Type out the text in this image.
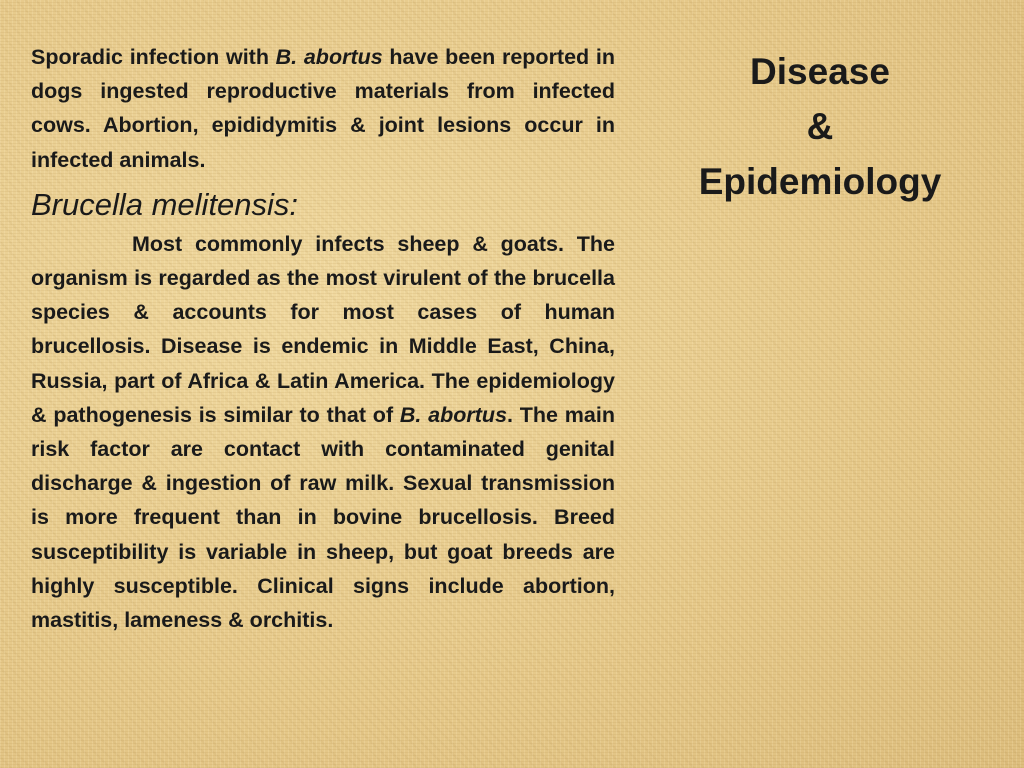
Sporadic infection with B. abortus have been reported in dogs ingested reproductive materials from infected cows. Abortion, epididymitis & joint lesions occur in infected animals.

Brucella melitensis:

Most commonly infects sheep & goats. The organism is regarded as the most virulent of the brucella species & accounts for most cases of human brucellosis. Disease is endemic in Middle East, China, Russia, part of Africa & Latin America. The epidemiology & pathogenesis is similar to that of B. abortus. The main risk factor are contact with contaminated genital discharge & ingestion of raw milk. Sexual transmission is more frequent than in bovine brucellosis. Breed susceptibility is variable in sheep, but goat breeds are highly susceptible. Clinical signs include abortion, mastitis, lameness & orchitis.

Disease
&
Epidemiology
